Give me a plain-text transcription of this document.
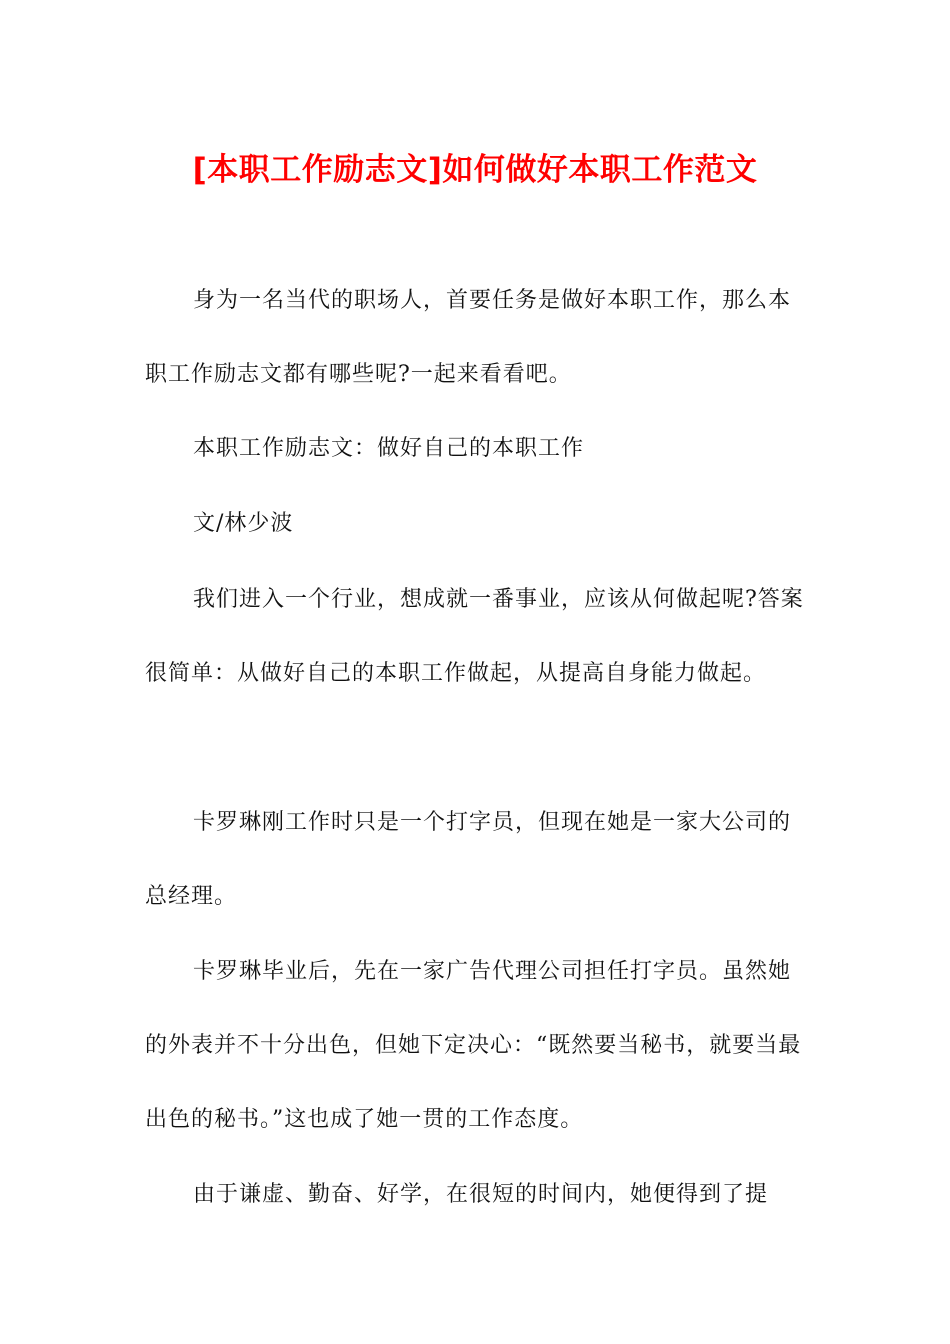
[本职工作励志文]如何做好本职工作范文

身为一名当代的职场人，首要任务是做好本职工作，那么本职工作励志文都有哪些呢?一起来看看吧。

本职工作励志文：做好自己的本职工作

文/林少波

我们进入一个行业，想成就一番事业，应该从何做起呢?答案很简单：从做好自己的本职工作做起，从提高自身能力做起。

卡罗琳刚工作时只是一个打字员，但现在她是一家大公司的总经理。

卡罗琳毕业后，先在一家广告代理公司担任打字员。虽然她的外表并不十分出色，但她下定决心：“既然要当秘书，就要当最出色的秘书。”这也成了她一贯的工作态度。

由于谦虚、勤奋、好学，在很短的时间内，她便得到了提
